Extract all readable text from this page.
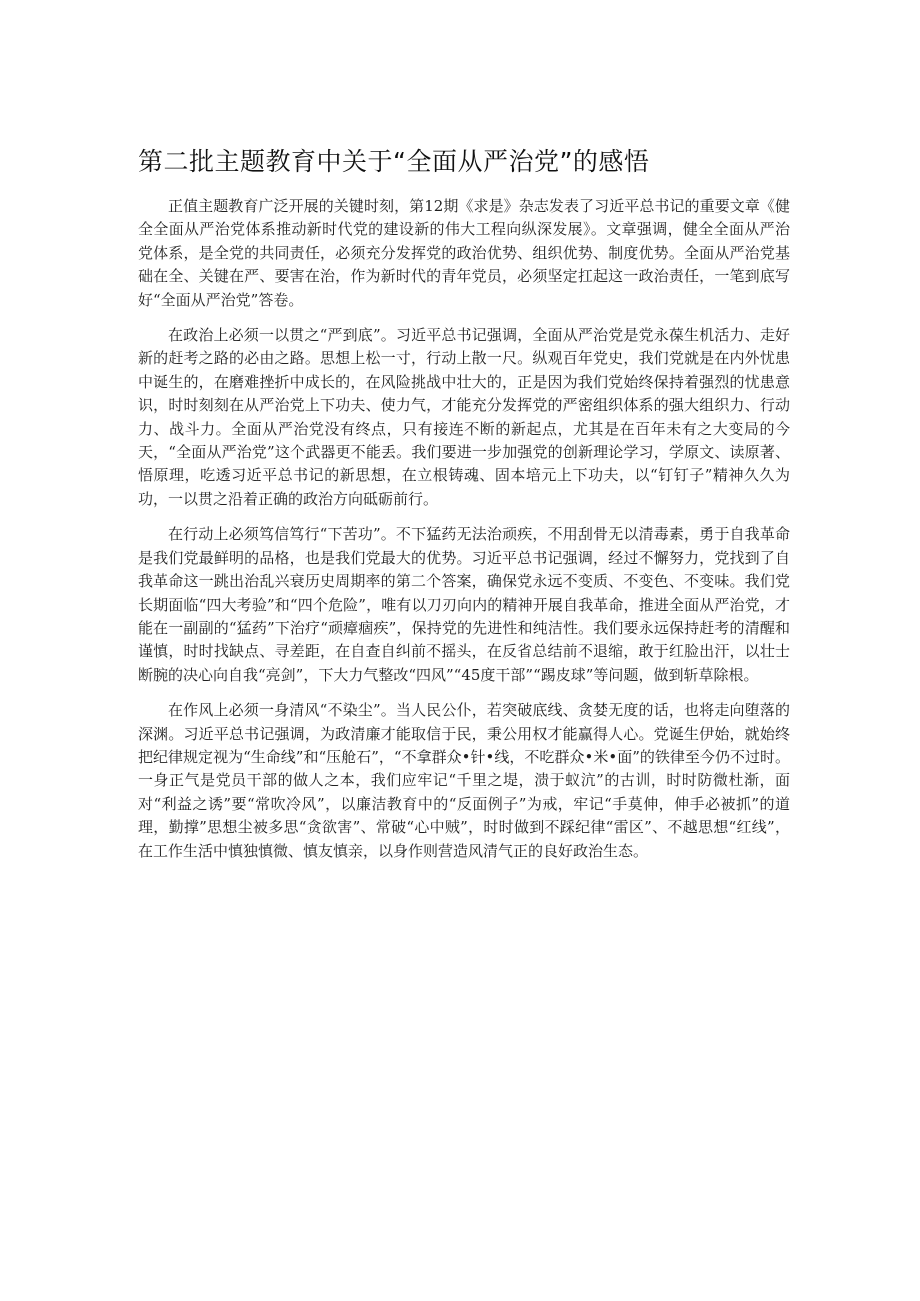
第二批主题教育中关于“全面从严治党”的感悟

正值主题教育广泛开展的关键时刻，第12期《求是》杂志发表了习近平总书记的重要文章《健全全面从严治党体系推动新时代党的建设新的伟大工程向纵深发展》。文章强调，健全全面从严治党体系，是全党的共同责任，必须充分发挥党的政治优势、组织优势、制度优势。全面从严治党基础在全、关键在严、要害在治，作为新时代的青年党员，必须坚定扛起这一政治责任，一笔到底写好“全面从严治党”答卷。

在政治上必须一以贯之“严到底”。习近平总书记强调，全面从严治党是党永葆生机活力、走好新的赶考之路的必由之路。思想上松一寸，行动上散一尺。纵观百年党史，我们党就是在内外忧患中诞生的，在磨难挫折中成长的，在风险挑战中壮大的，正是因为我们党始终保持着强烈的忧患意识，时时刻刻在从严治党上下功夫、使力气，才能充分发挥党的严密组织体系的强大组织力、行动力、战斗力。全面从严治党没有终点，只有接连不断的新起点，尤其是在百年未有之大变局的今天，“全面从严治党”这个武器更不能丢。我们要进一步加强党的创新理论学习，学原文、读原著、悟原理，吃透习近平总书记的新思想，在立根铸魂、固本培元上下功夫，以“钉钉子”精神久久为功，一以贯之沿着正确的政治方向砥砺前行。

在行动上必须笃信笃行“下苦功”。不下猛药无法治顽疾，不用刮骨无以清毒素，勇于自我革命是我们党最鲜明的品格，也是我们党最大的优势。习近平总书记强调，经过不懈努力，党找到了自我革命这一跳出治乱兴衰历史周期率的第二个答案，确保党永远不变质、不变色、不变味。我们党长期面临“四大考验”和“四个危险”，唯有以刀刃向内的精神开展自我革命，推进全面从严治党，才能在一副副的“猛药”下治疗“顽瘴痼疾”，保持党的先进性和纯洁性。我们要永远保持赶考的清醒和谨慎，时时找缺点、寻差距，在自查自纠前不摇头，在反省总结前不退缩，敢于红脸出汗，以壮士断腕的决心向自我“亮剑”，下大力气整改“四风”“45度干部”“踢皮球”等问题，做到斩草除根。

在作风上必须一身清风“不染尘”。当人民公仆，若突破底线、贪婪无度的话，也将走向堕落的深渊。习近平总书记强调，为政清廉才能取信于民，秉公用权才能赢得人心。党诞生伊始，就始终把纪律规定视为“生命线”和“压舱石”，“不拿群众•针•线，不吃群众•米•面”的铁律至今仍不过时。一身正气是党员干部的做人之本，我们应牢记“千里之堤，溃于蚁沆”的古训，时时防微杜渐，面对“利益之诱”要“常吹冷风”，以廉洁教育中的“反面例子”为戒，牢记“手莫伸，伸手必被抓”的道理，勤撑”思想尘被多思“贪欲害”、常破“心中贼”，时时做到不踩纪律“雷区”、不越思想“红线”，在工作生活中慎独慎微、慎友慎亲，以身作则营造风清气正的良好政治生态。
